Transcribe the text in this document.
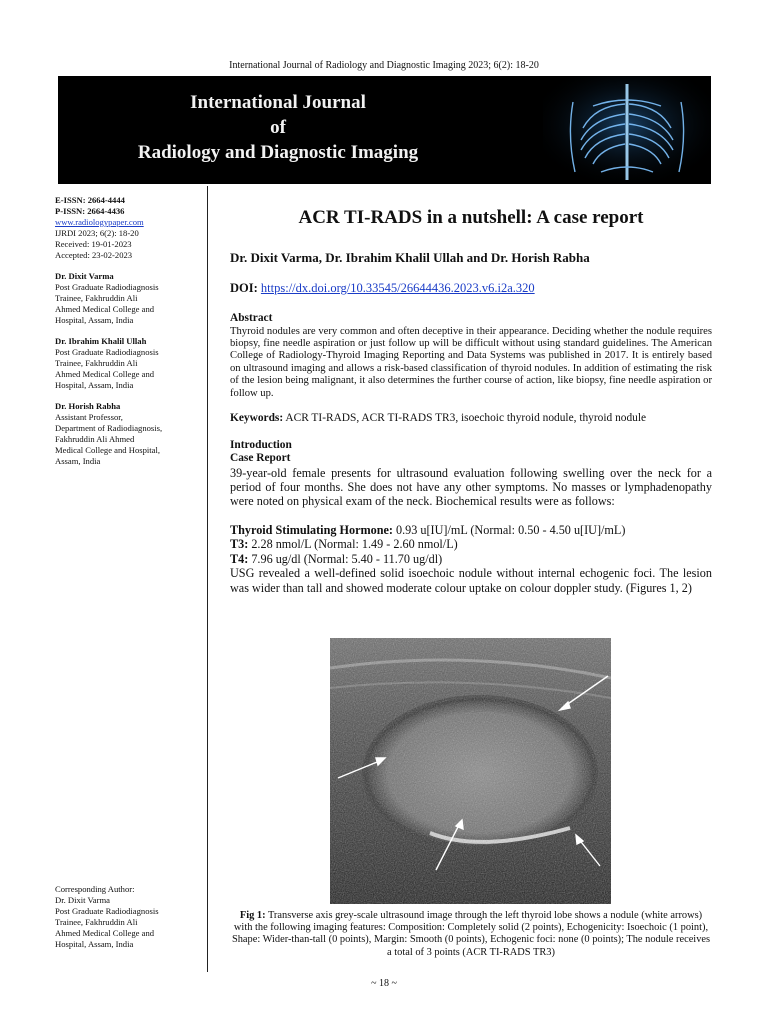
International Journal of Radiology and Diagnostic Imaging 2023; 6(2): 18-20
International Journal
of
Radiology and Diagnostic Imaging
E-ISSN: 2664-4444
P-ISSN: 2664-4436
www.radiologypaper.com
IJRDI 2023; 6(2): 18-20
Received: 19-01-2023
Accepted: 23-02-2023
Dr. Dixit Varma
Post Graduate Radiodiagnosis
Trainee, Fakhruddin Ali
Ahmed Medical College and
Hospital, Assam, India
Dr. Ibrahim Khalil Ullah
Post Graduate Radiodiagnosis
Trainee, Fakhruddin Ali
Ahmed Medical College and
Hospital, Assam, India
Dr. Horish Rabha
Assistant Professor,
Department of Radiodiagnosis,
Fakhruddin Ali Ahmed
Medical College and Hospital,
Assam, India
Corresponding Author:
Dr. Dixit Varma
Post Graduate Radiodiagnosis
Trainee, Fakhruddin Ali
Ahmed Medical College and
Hospital, Assam, India
ACR TI-RADS in a nutshell: A case report
Dr. Dixit Varma, Dr. Ibrahim Khalil Ullah and Dr. Horish Rabha
DOI: https://dx.doi.org/10.33545/26644436.2023.v6.i2a.320
Abstract
Thyroid nodules are very common and often deceptive in their appearance. Deciding whether the nodule requires biopsy, fine needle aspiration or just follow up will be difficult without using standard guidelines. The American College of Radiology-Thyroid Imaging Reporting and Data Systems was published in 2017. It is entirely based on ultrasound imaging and allows a risk-based classification of thyroid nodules. In addition of estimating the risk of the lesion being malignant, it also determines the further course of action, like biopsy, fine needle aspiration or follow up.
Keywords: ACR TI-RADS, ACR TI-RADS TR3, isoechoic thyroid nodule, thyroid nodule
Introduction
Case Report
39-year-old female presents for ultrasound evaluation following swelling over the neck for a period of four months. She does not have any other symptoms. No masses or lymphadenopathy were noted on physical exam of the neck. Biochemical results were as follows:
Thyroid Stimulating Hormone: 0.93 u[IU]/mL (Normal: 0.50 - 4.50 u[IU]/mL)
T3: 2.28 nmol/L (Normal: 1.49 - 2.60 nmol/L)
T4: 7.96 ug/dl (Normal: 5.40 - 11.70 ug/dl)
USG revealed a well-defined solid isoechoic nodule without internal echogenic foci. The lesion was wider than tall and showed moderate colour uptake on colour doppler study. (Figures 1, 2)
Fig 1: Transverse axis grey-scale ultrasound image through the left thyroid lobe shows a nodule (white arrows) with the following imaging features: Composition: Completely solid (2 points), Echogenicity: Isoechoic (1 point), Shape: Wider-than-tall (0 points), Margin: Smooth (0 points), Echogenic foci: none (0 points); The nodule receives a total of 3 points (ACR TI-RADS TR3)
~ 18 ~
